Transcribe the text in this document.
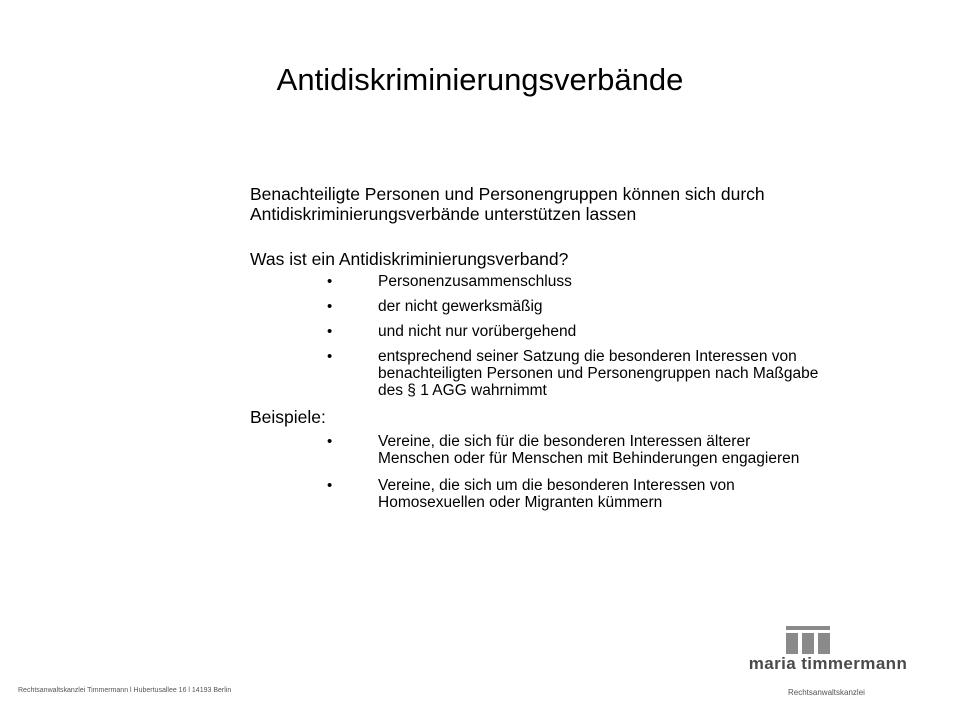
Antidiskriminierungsverbände

Benachteiligte Personen und Personengruppen können sich durch Antidiskriminierungsverbände unterstützen lassen

Was ist ein Antidiskriminierungsverband?

•	Personenzusammenschluss
•	der nicht gewerksmäßig
•	und nicht nur vorübergehend
•	entsprechend seiner Satzung die besonderen Interessen von benachteiligten Personen und Personengruppen nach Maßgabe des § 1 AGG wahrnimmt

Beispiele:

•	Vereine, die sich für die besonderen Interessen älterer Menschen oder für Menschen mit Behinderungen engagieren
•	Vereine, die sich um die besonderen Interessen von Homosexuellen oder Migranten kümmern
maria timmermann
Rechtsanwaltskanzlei Timmermann l Hubertusallee 16 l 14193 Berlin	Rechtsanwaltskanzlei
